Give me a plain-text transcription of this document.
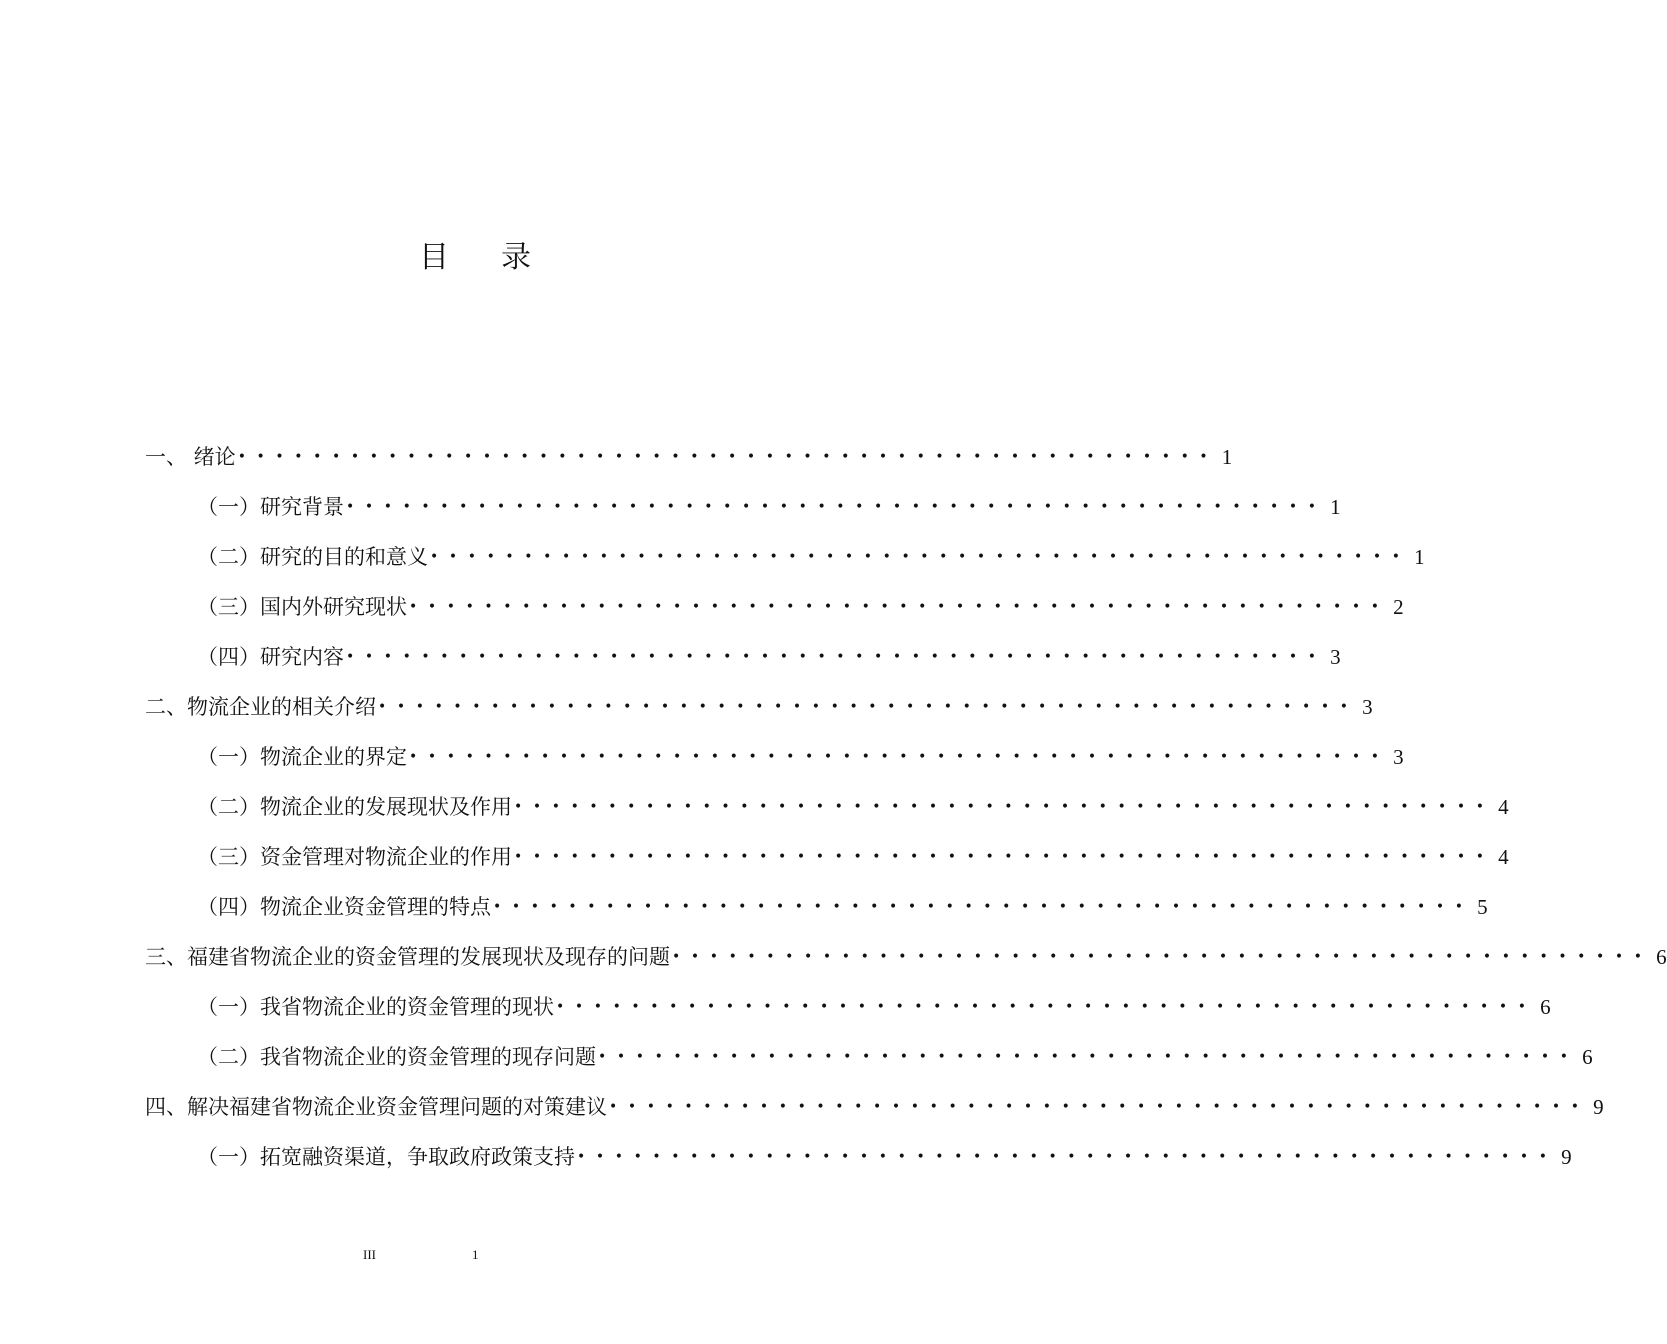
目录
一、 绪论 •••••••••••••••••••••••••••••••••••••••••••••••••••• 1
（一）研究背景 •••••••••••••••••••••••••••••••••••••••••••••••••••• 1
（二）研究的目的和意义 •••••••••••••••••••••••••••••••••••••••••••••••••••• 1
（三）国内外研究现状 •••••••••••••••••••••••••••••••••••••••••••••••••••• 2
（四）研究内容 •••••••••••••••••••••••••••••••••••••••••••••••••••• 3
二、物流企业的相关介绍 •••••••••••••••••••••••••••••••••••••••••••••••••••• 3
（一）物流企业的界定 •••••••••••••••••••••••••••••••••••••••••••••••••••• 3
（二）物流企业的发展现状及作用 •••••••••••••••••••••••••••••••••••••••••••••••••••• 4
（三）资金管理对物流企业的作用 •••••••••••••••••••••••••••••••••••••••••••••••••••• 4
（四）物流企业资金管理的特点 •••••••••••••••••••••••••••••••••••••••••••••••••••• 5
三、福建省物流企业的资金管理的发展现状及现存的问题 •••••••••••••••••••••••••••••••••••••••••••••••••••• 6
（一）我省物流企业的资金管理的现状 •••••••••••••••••••••••••••••••••••••••••••••••••••• 6
（二）我省物流企业的资金管理的现存问题 •••••••••••••••••••••••••••••••••••••••••••••••••••• 6
四、解决福建省物流企业资金管理问题的对策建议 •••••••••••••••••••••••••••••••••••••••••••••••••••• 9
（一）拓宽融资渠道，争取政府政策支持 •••••••••••••••••••••••••••••••••••••••••••••••••••• 9
III	1
